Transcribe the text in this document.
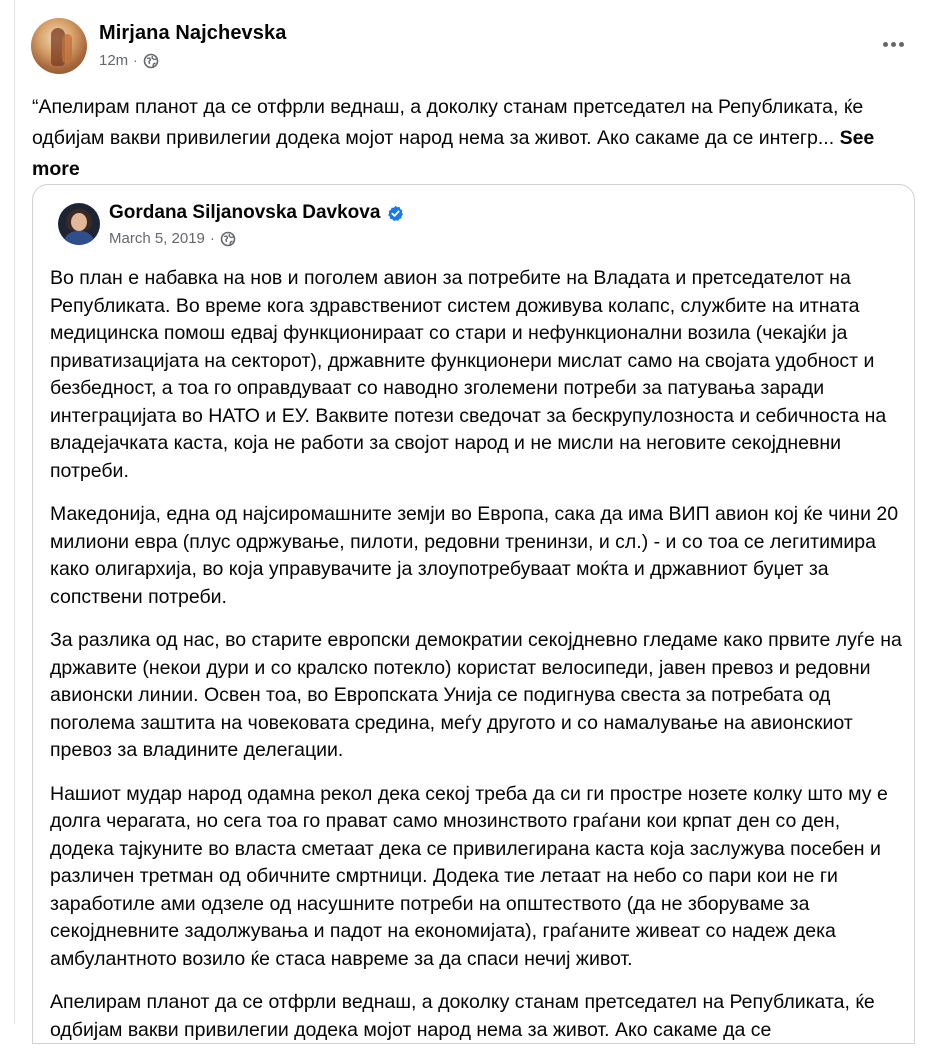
Mirjana Najchevska
12m ·
“Апелирам планот да се отфрли веднаш, а доколку станам претседател на Републиката, ќе одбијам вакви привилегии додека мојот народ нема за живот. Ако сакаме да се интегр... See more
Gordana Siljanovska Davkova
March 5, 2019 ·

Во план е набавка на нов и поголем авион за потребите на Владата и претседателот на Републиката. Во време кога здравствениот систем доживува колапс, службите на итната медицинска помош едвај функционираат со стари и нефункционални возила (чекајќи ја приватизацијата на секторот), државните функционери мислат само на својата удобност и безбедност, а тоа го оправдуваат со наводно зголемени потреби за патувања заради интеграцијата во НАТО и ЕУ. Ваквите потези сведочат за бескрупулозноста и себичноста на владејачката каста, која не работи за својот народ и не мисли на неговите секојдневни потреби.

Македонија, една од најсиромашните земји во Европа, сака да има ВИП авион кој ќе чини 20 милиони евра (плус одржување, пилоти, редовни тренинзи, и сл.) - и со тоа се легитимира како олигархија, во која управувачите ја злоупотребуваат моќта и државниот буџет за сопствени потреби.

За разлика од нас, во старите европски демократии секојдневно гледаме како првите луѓе на државите (некои дури и со кралско потекло) користат велосипеди, јавен превоз и редовни авионски линии. Освен тоа, во Европската Унија се подигнува свеста за потребата од поголема заштита на човековата средина, меѓу другото и со намалување на авионскиот превоз за владините делегации.

Нашиот мудар народ одамна рекол дека секој треба да си ги простре нозете колку што му е долга черагата, но сега тоа го прават само мнозинството граѓани кои крпат ден со ден, додека тајкуните во власта сметаат дека се привилегирана каста која заслужува посебен и различен третман од обичните смртници. Додека тие летаат на небо со пари кои не ги заработиле ами одзеле од насушните потреби на општеството (да не зборуваме за секојдневните задолжувања и падот на економијата), граѓаните живеат со надеж дека амбулантното возило ќе стаса навреме за да спаси нечиј живот.

Апелирам планот да се отфрли веднаш, а доколку станам претседател на Републиката, ќе одбијам вакви привилегии додека мојот народ нема за живот. Ако сакаме да се
